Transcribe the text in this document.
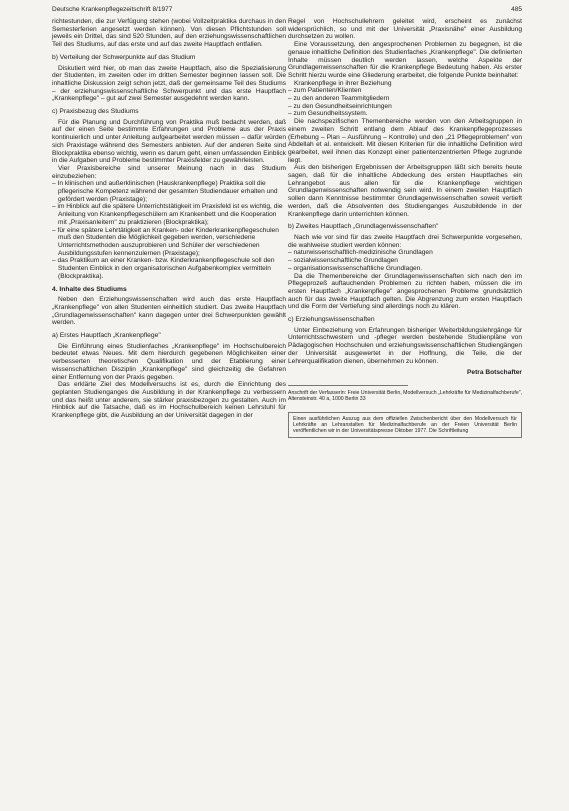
Deutsche Krankenpflegezeitschrift 8/1977	485

richtestunden, die zur Verfügung stehen (wobei Vollzeitpraktika durchaus in den Semesterferien angesetzt werden können). Von diesen Pflichtstunden soll jeweils ein Drittel, das sind 520 Stunden, auf den erziehungswissenschaftlichen Teil des Studiums, auf das erste und auf das zweite Hauptfach entfallen.

b) Verteilung der Schwerpunkte auf das Studium

Diskutiert wird hier, ob man das zweite Hauptfach, also die Spezialisierung der Studenten, im zweiten oder im dritten Semester beginnen lassen soll. Die inhaltliche Diskussion zeigt schon jetzt, daß der gemeinsame Teil des Studiums – der erziehungswissenschaftliche Schwerpunkt und das erste Hauptfach „Krankenpflege" – gut auf zwei Semester ausgedehnt werden kann.

c) Praxisbezug des Studiums

Für die Planung und Durchführung von Praktika muß bedacht werden, daß auf der einen Seite bestimmte Erfahrungen und Probleme aus der Praxis kontinuierlich und unter Anleitung aufgearbeitet werden müssen – dafür würden sich Praxistage während des Semesters anbieten. Auf der anderen Seite sind Blockpraktika ebenso wichtig, wenn es darum geht, einen umfassenden Einblick in die Aufgaben und Probleme bestimmter Praxisfelder zu gewährleisten.

Vier Praxisbereiche sind unserer Meinung nach in das Studium einzubeziehen:

– In klinischen und außerklinischen (Hauskrankenpflege) Praktika soll die pflegerische Kompetenz während der gesamten Studiendauer erhalten und gefördert werden (Praxistage);
– im Hinblick auf die spätere Unterrichtstätigkeit im Praxisfeld ist es wichtig, die Anleitung von Krankenpflegeschülern am Krankenbett und die Kooperation mit „Praxisanleitern" zu praktizieren (Blockpraktika);
– für eine spätere Lehrtätigkeit an Kranken- oder Kinderkrankenpflegeschulen muß den Studenten die Möglichkeit gegeben werden, verschiedene Unterrichtsmethoden auszuprobieren und Schüler der verschiedenen Ausbildungsstufen kennenzulernen (Praxistage);
– das Praktikum an einer Kranken- bzw. Kinderkrankenpflegeschule soll den Studenten Einblick in den organisatorischen Aufgabenkomplex vermitteln (Blockpraktika).
4. Inhalte des Studiums

Neben den Erziehungswissenschaften wird auch das erste Hauptfach „Krankenpflege" von allen Studenten einheitlich studiert. Das zweite Hauptfach „Grundlagenwissenschaften" kann dagegen unter drei Schwerpunkten gewählt werden.

a) Erstes Hauptfach „Krankenpflege"

Die Einführung eines Studienfaches „Krankenpflege" im Hochschulbereich bedeutet etwas Neues. Mit dem hierdurch gegebenen Möglichkeiten einer verbesserten theoretischen Qualifikation und der Etablierung einer wissenschaftlichen Disziplin „Krankenpflege" sind gleichzeitig die Gefahren einer Entfernung von der Praxis gegeben.

Das erklärte Ziel des Modellversuchs ist es, durch die Einrichtung des geplanten Studienganges die Ausbildung in der Krankenpflege zu verbessern und das heißt unter anderem, sie stärker praxisbezogen zu gestalten. Auch im Hinblick auf die Tatsache, daß es im Hochschulbereich keinen Lehrstuhl für Krankenpflege gibt, die Ausbildung an der Universität dagegen in der

Regel von Hochschullehrern geleitet wird, erscheint es zunächst widersprüchlich, so und mit der Universität „Praxisnähe" einer Ausbildung durchsetzen zu wollen.

Eine Voraussetzung, den angesprochenen Problemen zu begegnen, ist die genaue inhaltliche Definition des Studienfaches „Krankenpflege". Die definierten Inhalte müssen deutlich werden lassen, welche Aspekte der Grundlagenwissenschaften für die Krankenpflege Bedeutung haben. Als erster Schritt hierzu wurde eine Gliederung erarbeitet, die folgende Punkte beinhaltet:

Krankenpflege in ihrer Beziehung

– zum Patienten/Klienten
– zu den anderen Teammitgliedern
– zu den Gesundheitseinrichtungen
– zum Gesundheitssystem.

Die nachspezifischen Themenbereiche werden von den Arbeitsgruppen in einem zweiten Schritt entlang dem Ablauf des Krankenpflegeprozesses (Erhebung – Plan – Ausführung – Kontrolle) und den „21 Pflegeproblemen" von Abdellah et al. entwickelt. Mit diesen Kriterien für die inhaltliche Definition wird gearbeitet, weil ihnen das Konzept einer patientenzentrierten Pflege zugrunde liegt.

Aus den bisherigen Ergebnissen der Arbeitsgruppen läßt sich bereits heute sagen, daß für die inhaltliche Abdeckung des ersten Hauptfaches ein Lehrangebot aus allen für die Krankenpflege wichtigen Grundlagenwissenschaften notwendig sein wird. In einem zweiten Hauptfach sollen dann Kenntnisse bestimmter Grundlagenwissenschaften soweit vertieft werden, daß die Absolventen des Studienganges Auszubildende in der Krankenpflege darin unterrichten können.

b) Zweites Hauptfach „Grundlagenwissenschaften"

Nach wie vor sind für das zweite Hauptfach drei Schwerpunkte vorgesehen, die wahlweise studiert werden können:

– naturwissenschaftlich-medizinische Grundlagen
– sozialwissenschaftliche Grundlagen
– organisationswissenschaftliche Grundlagen.

Da die Themenbereiche der Grundlagenwissenschaften sich nach den im Pflegeprozeß auftauchenden Problemen zu richten haben, müssen die im ersten Hauptfach „Krankenpflege" angesprochenen Probleme grundsätzlich auch für das zweite Hauptfach gelten. Die Abgrenzung zum ersten Hauptfach und die Form der Vertiefung sind allerdings noch zu klären.

c) Erziehungswissenschaften

Unter Einbeziehung von Erfahrungen bisheriger Weiterbildungslehrgänge für Unterrichtsschwestern und -pfleger werden bestehende Studienpläne von Pädagogischen Hochschulen und erziehungswissenschaftlichen Studiengängen der Universität ausgewertet in der Hoffnung, die Teile, die der Lehrerqualifikation dienen, übernehmen zu können.

Petra Botschafter

Anschrift der Verfasserin: Freie Universität Berlin, Modellversuch „Lehrkräfte für Medizinalfachberufe", Altensteinstr. 40 a, 1000 Berlin 33

Einen ausführlichen Auszug aus dem offiziellen Zwischenbericht über den Modellversuch für Lehrkräfte an Lehranstalten für Medizinalfachberufe an der Freien Universität Berlin veröffentlichen wir in der Universitätspresse Oktober 1977. Die Schriftleitung
